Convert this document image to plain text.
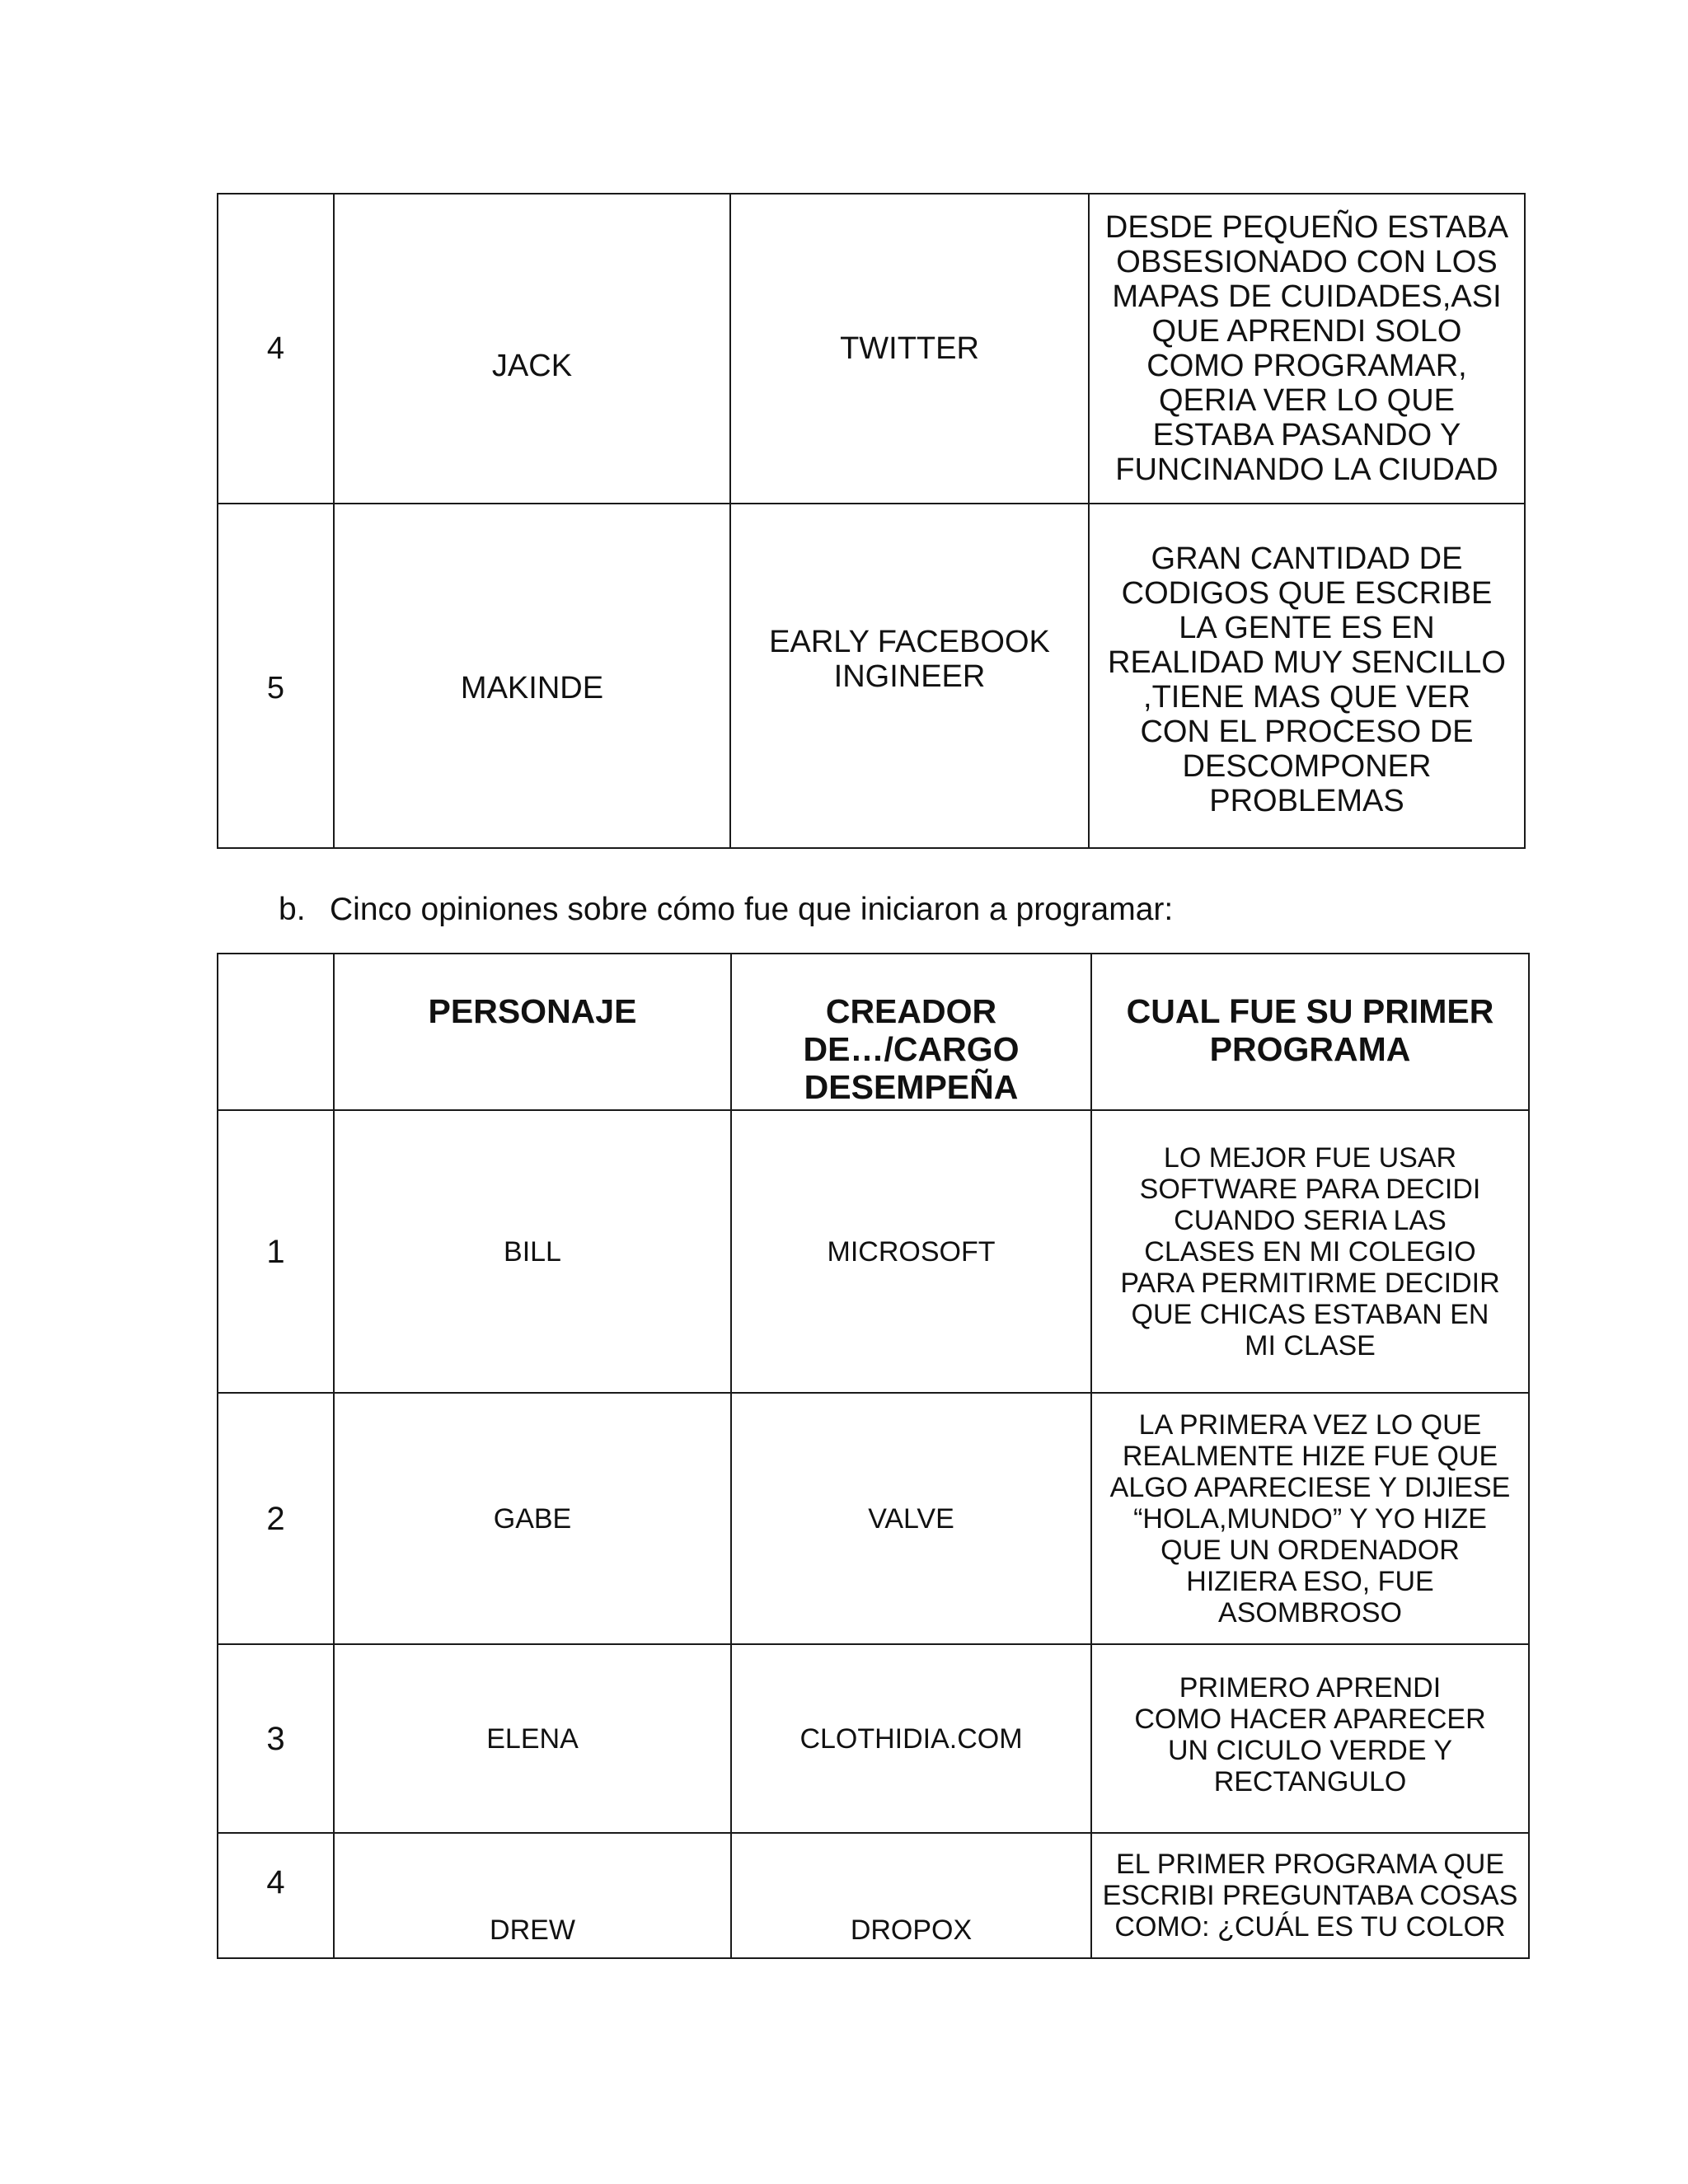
4	JACK	TWITTER	DESDE PEQUEÑO ESTABA OBSESIONADO CON LOS MAPAS DE CUIDADES,ASI QUE APRENDI SOLO COMO PROGRAMAR, QERIA VER LO QUE ESTABA PASANDO Y FUNCINANDO LA CIUDAD
5	MAKINDE	EARLY FACEBOOK INGINEER	GRAN CANTIDAD DE CODIGOS QUE ESCRIBE LA GENTE ES EN REALIDAD MUY SENCILLO ,TIENE MAS QUE VER CON EL PROCESO DE DESCOMPONER PROBLEMAS
b. Cinco opiniones sobre cómo fue que iniciaron a programar:
	PERSONAJE	CREADOR DE…/CARGO DESEMPEÑA	CUAL FUE SU PRIMER PROGRAMA
1	BILL	MICROSOFT	LO MEJOR FUE USAR SOFTWARE PARA DECIDI CUANDO SERIA LAS CLASES EN MI COLEGIO PARA PERMITIRME DECIDIR QUE CHICAS ESTABAN EN MI CLASE
2	GABE	VALVE	LA PRIMERA VEZ LO QUE REALMENTE HIZE FUE QUE ALGO APARECIESE Y DIJIESE “HOLA,MUNDO” Y YO HIZE QUE UN ORDENADOR HIZIERA ESO, FUE ASOMBROSO
3	ELENA	CLOTHIDIA.COM	PRIMERO APRENDI COMO HACER APARECER UN CICULO VERDE Y RECTANGULO
4	DREW	DROPOX	EL PRIMER PROGRAMA QUE ESCRIBI PREGUNTABA COSAS COMO: ¿CUÁL ES TU COLOR
